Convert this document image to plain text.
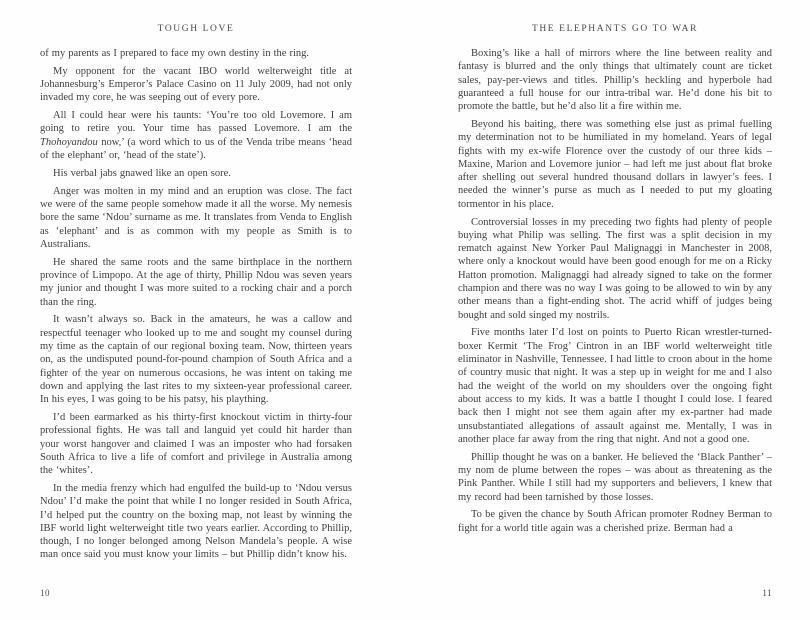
TOUGH LOVE

of my parents as I prepared to face my own destiny in the ring.

My opponent for the vacant IBO world welterweight title at Johannesburg’s Emperor’s Palace Casino on 11 July 2009, had not only invaded my core, he was seeping out of every pore.

All I could hear were his taunts: ‘You’re too old Lovemore. I am going to retire you. Your time has passed Lovemore. I am the Thohoyandou now,’ (a word which to us of the Venda tribe means ‘head of the elephant’ or, ‘head of the state’).

His verbal jabs gnawed like an open sore.

Anger was molten in my mind and an eruption was close. The fact we were of the same people somehow made it all the worse. My nemesis bore the same ‘Ndou’ surname as me. It translates from Venda to English as ‘elephant’ and is as common with my people as Smith is to Australians.

He shared the same roots and the same birthplace in the northern province of Limpopo. At the age of thirty, Phillip Ndou was seven years my junior and thought I was more suited to a rocking chair and a porch than the ring.

It wasn’t always so. Back in the amateurs, he was a callow and respectful teenager who looked up to me and sought my counsel during my time as the captain of our regional boxing team. Now, thirteen years on, as the undisputed pound-for-pound champion of South Africa and a fighter of the year on numerous occasions, he was intent on taking me down and applying the last rites to my sixteen-year professional career. In his eyes, I was going to be his patsy, his plaything.

I’d been earmarked as his thirty-first knockout victim in thirty-four professional fights. He was tall and languid yet could hit harder than your worst hangover and claimed I was an imposter who had forsaken South Africa to live a life of comfort and privilege in Australia among the ‘whites’.

In the media frenzy which had engulfed the build-up to ‘Ndou versus Ndou’ I’d make the point that while I no longer resided in South Africa, I’d helped put the country on the boxing map, not least by winning the IBF world light welterweight title two years earlier. According to Phillip, though, I no longer belonged among Nelson Mandela’s people. A wise man once said you must know your limits – but Phillip didn’t know his.

10
THE ELEPHANTS GO TO WAR

Boxing’s like a hall of mirrors where the line between reality and fantasy is blurred and the only things that ultimately count are ticket sales, pay-per-views and titles. Phillip’s heckling and hyperbole had guaranteed a full house for our intra-tribal war. He’d done his bit to promote the battle, but he’d also lit a fire within me.

Beyond his baiting, there was something else just as primal fuelling my determination not to be humiliated in my homeland. Years of legal fights with my ex-wife Florence over the custody of our three kids – Maxine, Marion and Lovemore junior – had left me just about flat broke after shelling out several hundred thousand dollars in lawyer’s fees. I needed the winner’s purse as much as I needed to put my gloating tormentor in his place.

Controversial losses in my preceding two fights had plenty of people buying what Philip was selling. The first was a split decision in my rematch against New Yorker Paul Malignaggi in Manchester in 2008, where only a knockout would have been good enough for me on a Ricky Hatton promotion. Malignaggi had already signed to take on the former champion and there was no way I was going to be allowed to win by any other means than a fight-ending shot. The acrid whiff of judges being bought and sold singed my nostrils.

Five months later I’d lost on points to Puerto Rican wrestler-turned-boxer Kermit ‘The Frog’ Cintron in an IBF world welterweight title eliminator in Nashville, Tennessee. I had little to croon about in the home of country music that night. It was a step up in weight for me and I also had the weight of the world on my shoulders over the ongoing fight about access to my kids. It was a battle I thought I could lose. I feared back then I might not see them again after my ex-partner had made unsubstantiated allegations of assault against me. Mentally, I was in another place far away from the ring that night. And not a good one.

Phillip thought he was on a banker. He believed the ‘Black Panther’ – my nom de plume between the ropes – was about as threatening as the Pink Panther. While I still had my supporters and believers, I knew that my record had been tarnished by those losses.

To be given the chance by South African promoter Rodney Berman to fight for a world title again was a cherished prize. Berman had a

11
